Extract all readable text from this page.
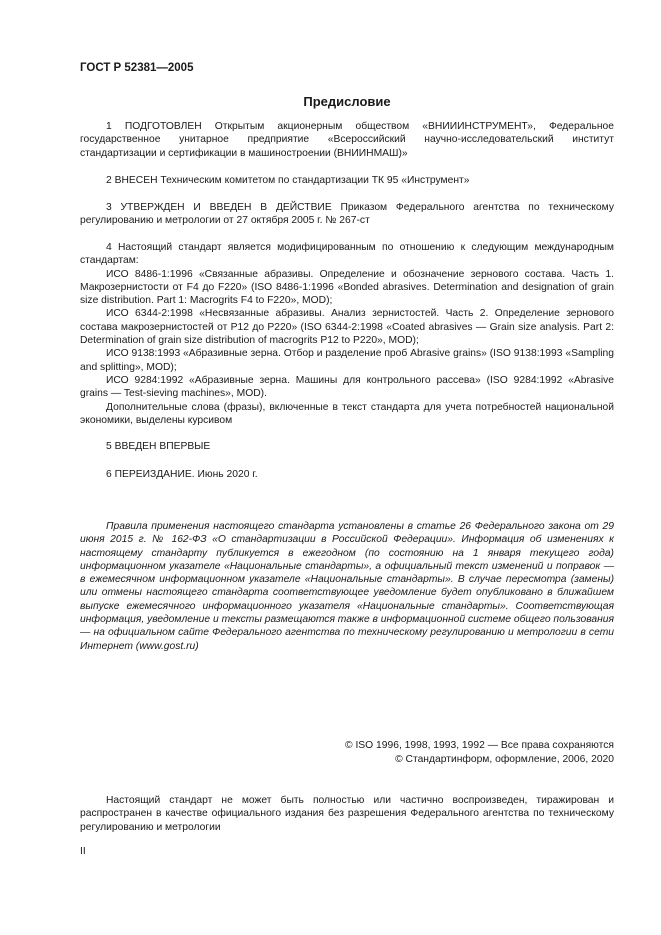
ГОСТ Р 52381—2005
Предисловие

1 ПОДГОТОВЛЕН Открытым акционерным обществом «ВНИИИНСТРУМЕНТ», Федеральное государственное унитарное предприятие «Всероссийский научно-исследовательский институт стандартизации и сертификации в машиностроении (ВНИИНМАШ)»

2 ВНЕСЕН Техническим комитетом по стандартизации ТК 95 «Инструмент»

3 УТВЕРЖДЕН И ВВЕДЕН В ДЕЙСТВИЕ Приказом Федерального агентства по техническому регулированию и метрологии от 27 октября 2005 г. № 267-ст

4 Настоящий стандарт является модифицированным по отношению к следующим международным стандартам:

ИСО 8486-1:1996 «Связанные абразивы. Определение и обозначение зернового состава. Часть 1. Макрозернистости от F4 до F220» (ISO 8486-1:1996 «Bonded abrasives. Determination and designation of grain size distribution. Part 1: Macrogrits F4 to F220», MOD);

ИСО 6344-2:1998 «Несвязанные абразивы. Анализ зернистостей. Часть 2. Определение зернового состава макрозернистостей от P12 до P220» (ISO 6344-2:1998 «Coated abrasives — Grain size analysis. Part 2: Determination of grain size distribution of macrogrits P12 to P220», MOD);

ИСО 9138:1993 «Абразивные зерна. Отбор и разделение проб Abrasive grains» (ISO 9138:1993 «Sampling and splitting», MOD);

ИСО 9284:1992 «Абразивные зерна. Машины для контрольного рассева» (ISO 9284:1992 «Abrasive grains — Test-sieving machines», MOD).

Дополнительные слова (фразы), включенные в текст стандарта для учета потребностей национальной экономики, выделены курсивом

5 ВВЕДЕН ВПЕРВЫЕ

6 ПЕРЕИЗДАНИЕ. Июнь 2020 г.

Правила применения настоящего стандарта установлены в статье 26 Федерального закона от 29 июня 2015 г. № 162-ФЗ «О стандартизации в Российской Федерации». Информация об изменениях к настоящему стандарту публикуется в ежегодном (по состоянию на 1 января текущего года) информационном указателе «Национальные стандарты», а официальный текст изменений и поправок — в ежемесячном информационном указателе «Национальные стандарты». В случае пересмотра (замены) или отмены настоящего стандарта соответствующее уведомление будет опубликовано в ближайшем выпуске ежемесячного информационного указателя «Национальные стандарты». Соответствующая информация, уведомление и тексты размещаются также в информационной системе общего пользования — на официальном сайте Федерального агентства по техническому регулированию и метрологии в сети Интернет (www.gost.ru)

© ISO 1996, 1998, 1993, 1992 — Все права сохраняются
© Стандартинформ, оформление, 2006, 2020

Настоящий стандарт не может быть полностью или частично воспроизведен, тиражирован и распространен в качестве официального издания без разрешения Федерального агентства по техническому регулированию и метрологии

II
